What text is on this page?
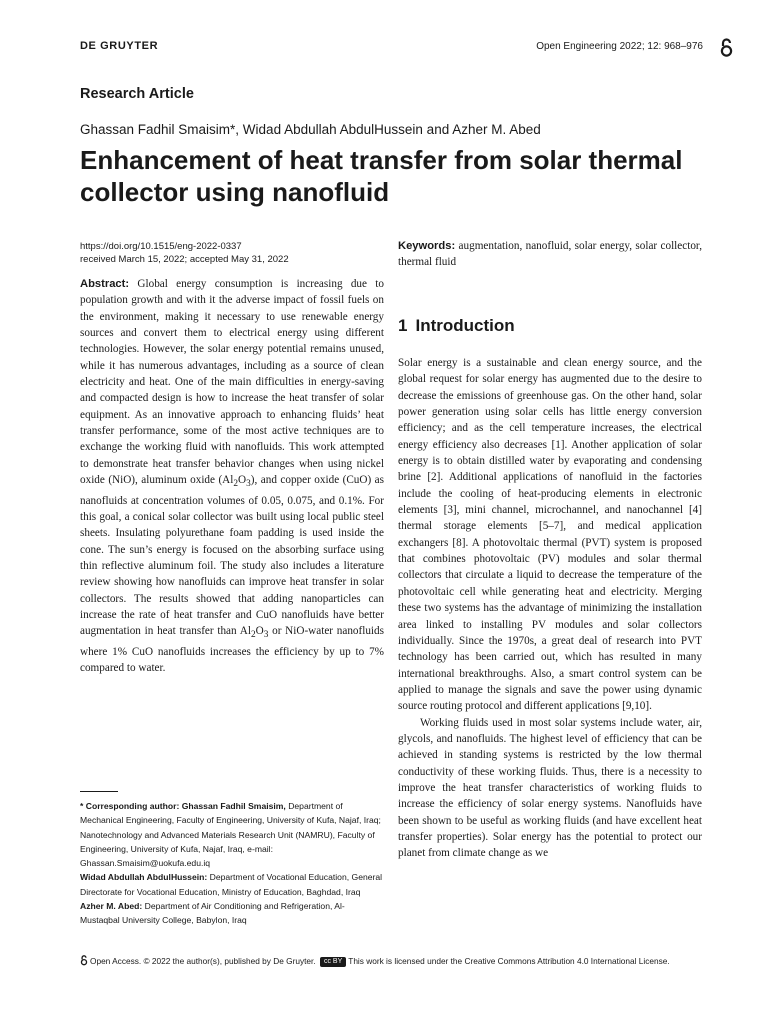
DE GRUYTER	Open Engineering 2022; 12: 968–976
Research Article
Ghassan Fadhil Smaisim*, Widad Abdullah AbdulHussein and Azher M. Abed
Enhancement of heat transfer from solar thermal collector using nanofluid
https://doi.org/10.1515/eng-2022-0337
received March 15, 2022; accepted May 31, 2022
Abstract: Global energy consumption is increasing due to population growth and with it the adverse impact of fossil fuels on the environment, making it necessary to use renewable energy sources and convert them to electrical energy using different technologies. However, the solar energy potential remains unused, while it has numerous advantages, including as a source of clean electricity and heat. One of the main difficulties in energy-saving and compacted design is how to increase the heat transfer of solar equipment. As an innovative approach to enhancing fluids’ heat transfer performance, some of the most active techniques are to exchange the working fluid with nanofluids. This work attempted to demonstrate heat transfer behavior changes when using nickel oxide (NiO), aluminum oxide $(Al_2O_3)$, and copper oxide (CuO) as nanofluids at concentration volumes of 0.05, 0.075, and 0.1%. For this goal, a conical solar collector was built using local public steel sheets. Insulating polyurethane foam padding is used inside the cone. The sun’s energy is focused on the absorbing surface using thin reflective aluminum foil. The study also includes a literature review showing how nanofluids can improve heat transfer in solar collectors. The results showed that adding nanoparticles can increase the rate of heat transfer and CuO nanofluids have better augmentation in heat transfer than $Al_2O_3$ or NiO-water nanofluids where 1% CuO nanofluids increases the efficiency by up to 7% compared to water.
Keywords: augmentation, nanofluid, solar energy, solar collector, thermal fluid
1 Introduction

Solar energy is a sustainable and clean energy source, and the global request for solar energy has augmented due to the desire to decrease the emissions of greenhouse gas. On the other hand, solar power generation using solar cells has little energy conversion efficiency; and as the cell temperature increases, the electrical energy efficiency also decreases [1]. Another application of solar energy is to obtain distilled water by evaporating and condensing brine [2]. Additional applications of nanofluid in the factories include the cooling of heat-producing elements in electronic elements [3], mini channel, microchannel, and nanochannel [4] thermal storage elements [5–7], and medical application exchangers [8]. A photovoltaic thermal (PVT) system is proposed that combines photovoltaic (PV) modules and solar thermal collectors that circulate a liquid to decrease the temperature of the photovoltaic cell while generating heat and electricity. Merging these two systems has the advantage of minimizing the installation area linked to installing PV modules and solar collectors individually. Since the 1970s, a great deal of research into PVT technology has been carried out, which has resulted in many international breakthroughs. Also, a smart control system can be applied to manage the signals and save the power using dynamic source routing protocol and different applications [9,10].

Working fluids used in most solar systems include water, air, glycols, and nanofluids. The highest level of efficiency that can be achieved in standing systems is restricted by the low thermal conductivity of these working fluids. Thus, there is a necessity to improve the heat transfer characteristics of working fluids to increase the efficiency of solar energy systems. Nanofluids have been shown to be useful as working fluids (and have excellent heat transfer properties). Solar energy has the potential to protect our planet from climate change as we

* Corresponding author: Ghassan Fadhil Smaisim, Department of Mechanical Engineering, Faculty of Engineering, University of Kufa, Najaf, Iraq; Nanotechnology and Advanced Materials Research Unit (NAMRU), Faculty of Engineering, University of Kufa, Najaf, Iraq, e-mail: Ghassan.Smaisim@uokufa.edu.iq

Widad Abdullah AbdulHussein: Department of Vocational Education, General Directorate for Vocational Education, Ministry of Education, Baghdad, Iraq

Azher M. Abed: Department of Air Conditioning and Refrigeration, Al-Mustaqbal University College, Babylon, Iraq

Open Access. © 2022 the author(s), published by De Gruyter. cc BY This work is licensed under the Creative Commons Attribution 4.0 International License.
